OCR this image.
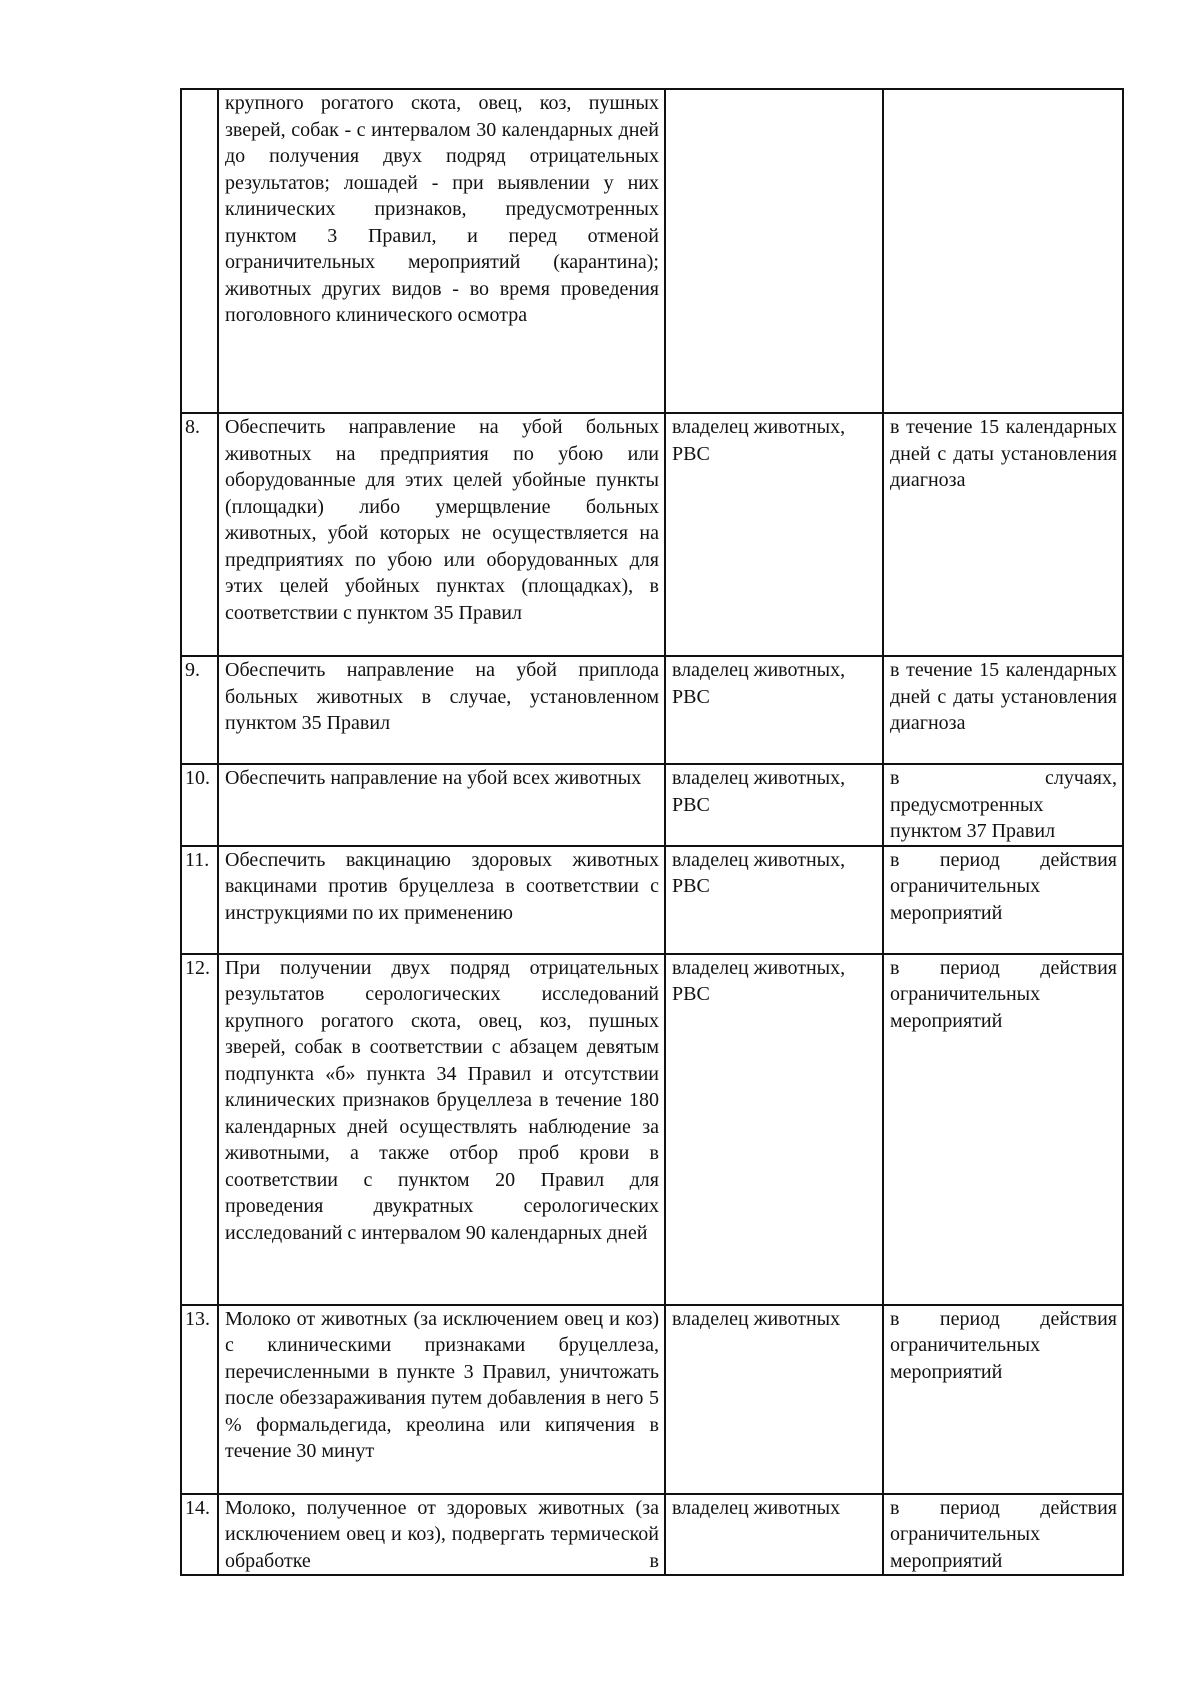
	крупного рогатого скота, овец, коз, пушных зверей, собак - с интервалом 30 календарных дней до получения двух подряд отрицательных результатов; лошадей - при выявлении у них клинических признаков, предусмотренных пунктом 3 Правил, и перед отменой ограничительных мероприятий (карантина); животных других видов - во время проведения поголовного клинического осмотра		
8.	Обеспечить направление на убой больных животных на предприятия по убою или оборудованные для этих целей убойные пункты (площадки) либо умерщвление больных животных, убой которых не осуществляется на предприятиях по убою или оборудованных для этих целей убойных пунктах (площадках), в соответствии с пунктом 35 Правил	владелец животных, РВС	в течение 15 календарных дней с даты установления диагноза
9.	Обеспечить направление на убой приплода больных животных в случае, установленном пунктом 35 Правил	владелец животных, РВС	в течение 15 календарных дней с даты установления диагноза
10.	Обеспечить направление на убой всех животных	владелец животных, РВС	в случаях, предусмотренных пунктом 37 Правил
11.	Обеспечить вакцинацию здоровых животных вакцинами против бруцеллеза в соответствии с инструкциями по их применению	владелец животных, РВС	в период действия ограничительных мероприятий
12.	При получении двух подряд отрицательных результатов серологических исследований крупного рогатого скота, овец, коз, пушных зверей, собак в соответствии с абзацем девятым подпункта «б» пункта 34 Правил и отсутствии клинических признаков бруцеллеза в течение 180 календарных дней осуществлять наблюдение за животными, а также отбор проб крови в соответствии с пунктом 20 Правил для проведения двукратных серологических исследований с интервалом 90 календарных дней	владелец животных, РВС	в период действия ограничительных мероприятий
13.	Молоко от животных (за исключением овец и коз) с клиническими признаками бруцеллеза, перечисленными в пункте 3 Правил, уничтожать после обеззараживания путем добавления в него 5 % формальдегида, креолина или кипячения в течение 30 минут	владелец животных	в период действия ограничительных мероприятий
14.	Молоко, полученное от здоровых животных (за исключением овец и коз), подвергать термической обработке в	владелец животных	в период действия ограничительных мероприятий
